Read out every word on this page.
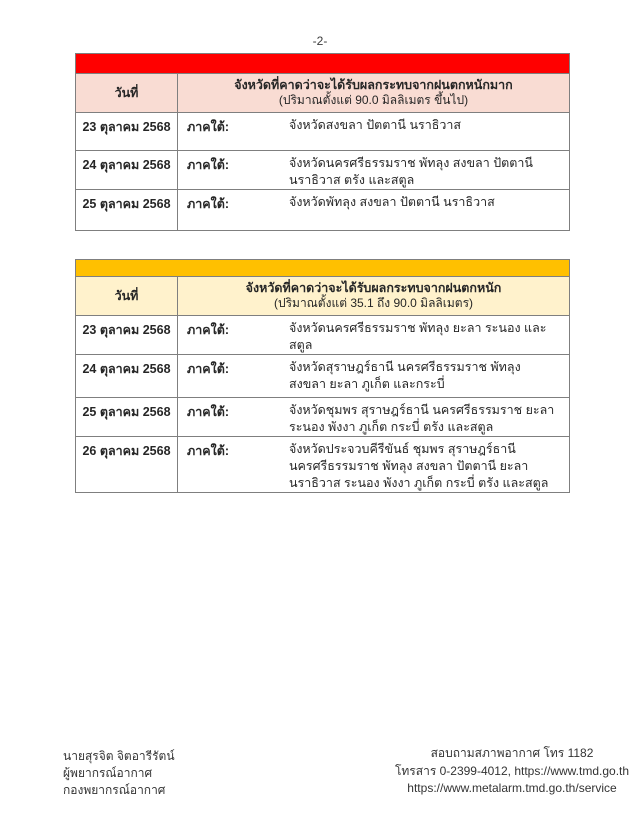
-2-
วันที่
จังหวัดที่คาดว่าจะได้รับผลกระทบจากฝนตกหนักมาก
(ปริมาณตั้งแต่ 90.0 มิลลิเมตร ขึ้นไป)
23 ตุลาคม 2568	ภาคใต้:	จังหวัดสงขลา ปัตตานี นราธิวาส
24 ตุลาคม 2568	ภาคใต้:	จังหวัดนครศรีธรรมราช พัทลุง สงขลา ปัตตานี นราธิวาส ตรัง และสตูล
25 ตุลาคม 2568	ภาคใต้:	จังหวัดพัทลุง สงขลา ปัตตานี นราธิวาส
วันที่
จังหวัดที่คาดว่าจะได้รับผลกระทบจากฝนตกหนัก
(ปริมาณตั้งแต่ 35.1 ถึง 90.0 มิลลิเมตร)
23 ตุลาคม 2568	ภาคใต้:	จังหวัดนครศรีธรรมราช พัทลุง ยะลา ระนอง และสตูล
24 ตุลาคม 2568	ภาคใต้:	จังหวัดสุราษฎร์ธานี นครศรีธรรมราช พัทลุง สงขลา ยะลา ภูเก็ต และกระบี่
25 ตุลาคม 2568	ภาคใต้:	จังหวัดชุมพร สุราษฎร์ธานี นครศรีธรรมราช ยะลา ระนอง พังงา ภูเก็ต กระบี่ ตรัง และสตูล
26 ตุลาคม 2568	ภาคใต้:	จังหวัดประจวบคีรีขันธ์ ชุมพร สุราษฎร์ธานี นครศรีธรรมราช พัทลุง สงขลา ปัตตานี ยะลา นราธิวาส ระนอง พังงา ภูเก็ต กระบี่ ตรัง และสตูล
นายสุรจิต จิตอารีรัตน์
ผู้พยากรณ์อากาศ
กองพยากรณ์อากาศ
สอบถามสภาพอากาศ โทร 1182
โทรสาร 0-2399-4012, https://www.tmd.go.th
https://www.metalarm.tmd.go.th/service
